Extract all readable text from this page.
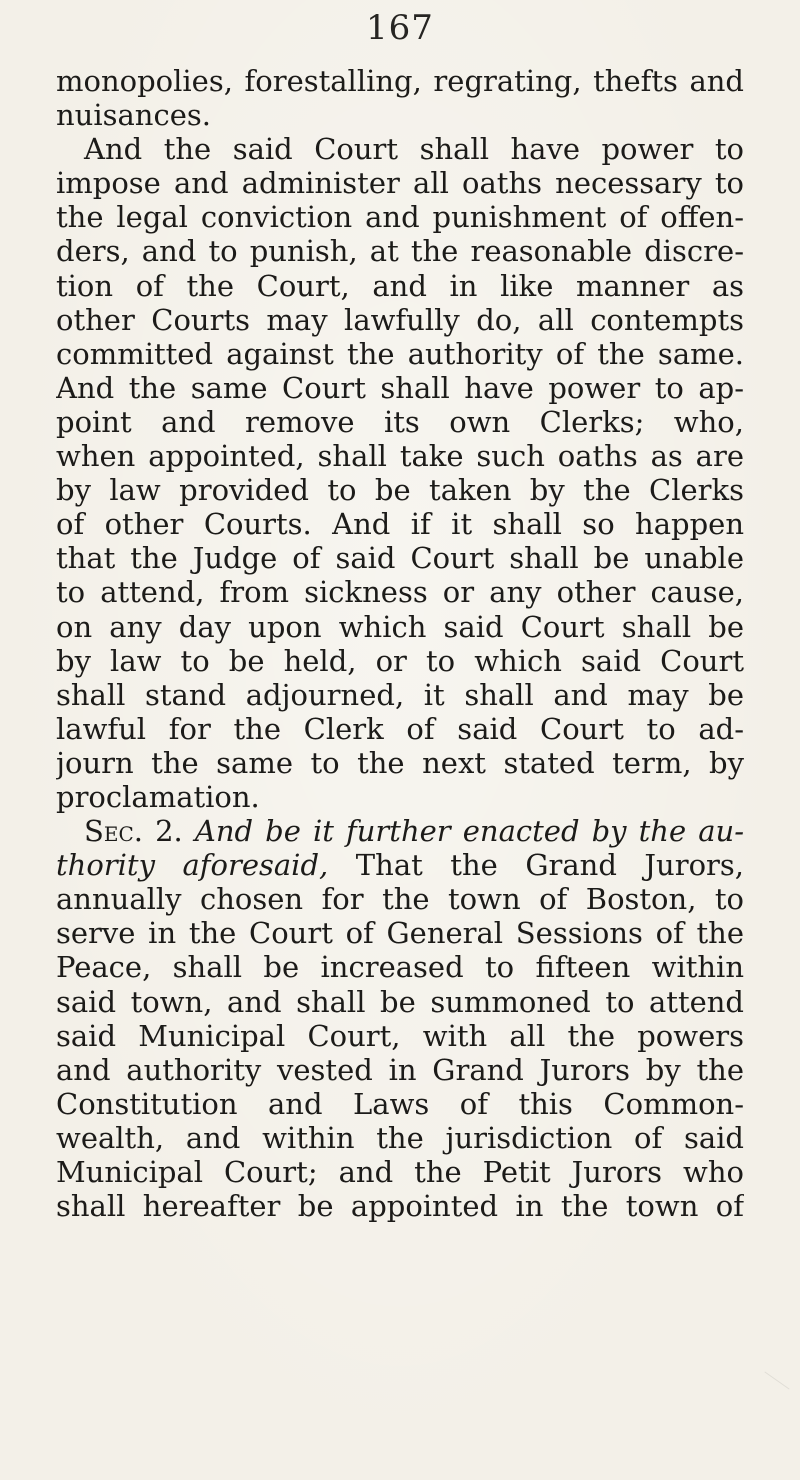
167
monopolies, forestalling, regrating, thefts and
nuisances.
And the said Court shall have power to
impose and administer all oaths necessary to
the legal conviction and punishment of offen-
ders, and to punish, at the reasonable discre-
tion of the Court, and in like manner as
other Courts may lawfully do, all contempts
committed against the authority of the same.
And the same Court shall have power to ap-
point and remove its own Clerks; who,
when appointed, shall take such oaths as are
by law provided to be taken by the Clerks
of other Courts. And if it shall so happen
that the Judge of said Court shall be unable
to attend, from sickness or any other cause,
on any day upon which said Court shall be
by law to be held, or to which said Court
shall stand adjourned, it shall and may be
lawful for the Clerk of said Court to ad-
journ the same to the next stated term, by
proclamation.
Sec. 2. And be it further enacted by the au-
thority aforesaid, That the Grand Jurors,
annually chosen for the town of Boston, to
serve in the Court of General Sessions of the
Peace, shall be increased to fifteen within
said town, and shall be summoned to attend
said Municipal Court, with all the powers
and authority vested in Grand Jurors by the
Constitution and Laws of this Common-
wealth, and within the jurisdiction of said
Municipal Court; and the Petit Jurors who
shall hereafter be appointed in the town of
